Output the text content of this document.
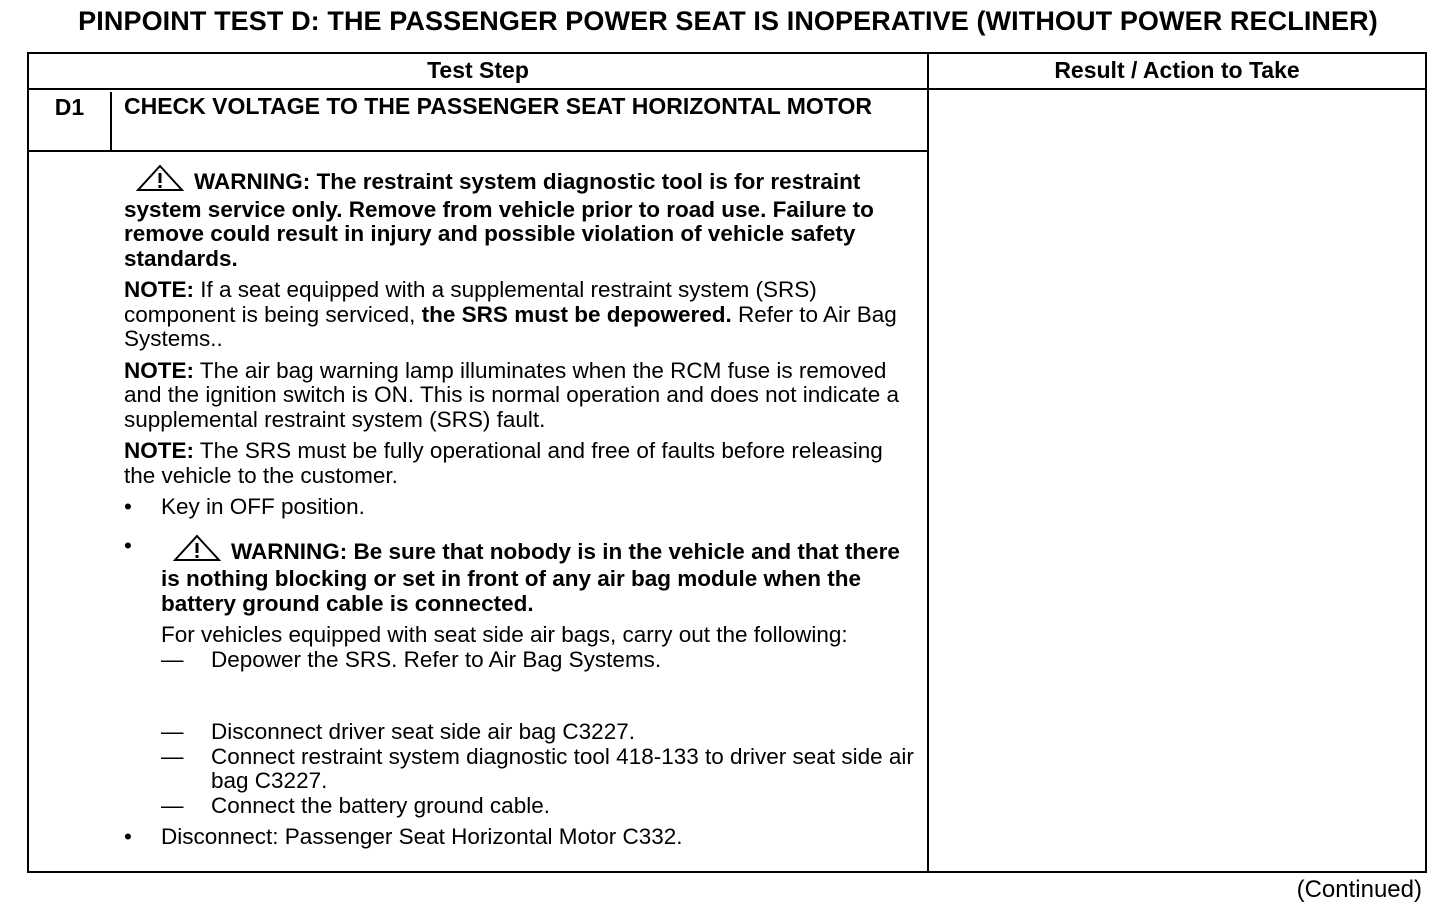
PINPOINT TEST D: THE PASSENGER POWER SEAT IS INOPERATIVE (WITHOUT POWER RECLINER)
Test Step	Result / Action to Take
D1	CHECK VOLTAGE TO THE PASSENGER SEAT HORIZONTAL MOTOR

WARNING: The restraint system diagnostic tool is for restraint system service only. Remove from vehicle prior to road use. Failure to remove could result in injury and possible violation of vehicle safety standards.

NOTE: If a seat equipped with a supplemental restraint system (SRS) component is being serviced, the SRS must be depowered. Refer to Air Bag Systems..

NOTE: The air bag warning lamp illuminates when the RCM fuse is removed and the ignition switch is ON. This is normal operation and does not indicate a supplemental restraint system (SRS) fault.

NOTE: The SRS must be fully operational and free of faults before releasing the vehicle to the customer.

•	Key in OFF position.
•	WARNING: Be sure that nobody is in the vehicle and that there is nothing blocking or set in front of any air bag module when the battery ground cable is connected.

For vehicles equipped with seat side air bags, carry out the following:

— Depower the SRS. Refer to Air Bag Systems.
— Disconnect driver seat side air bag C3227.
— Connect restraint system diagnostic tool 418-133 to driver seat side air bag C3227.
— Connect the battery ground cable.
•	Disconnect: Passenger Seat Horizontal Motor C332.
(Continued)
